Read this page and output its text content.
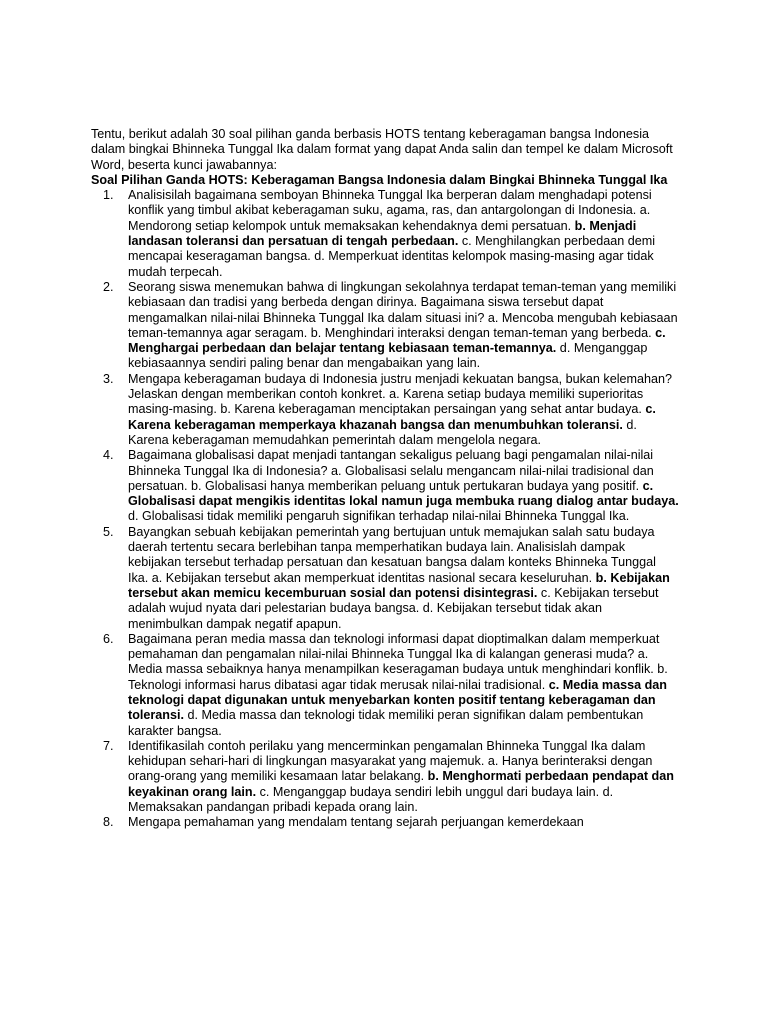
Tentu, berikut adalah 30 soal pilihan ganda berbasis HOTS tentang keberagaman bangsa Indonesia dalam bingkai Bhinneka Tunggal Ika dalam format yang dapat Anda salin dan tempel ke dalam Microsoft Word, beserta kunci jawabannya:

Soal Pilihan Ganda HOTS: Keberagaman Bangsa Indonesia dalam Bingkai Bhinneka Tunggal Ika

1.	Analisisilah bagaimana semboyan Bhinneka Tunggal Ika berperan dalam menghadapi potensi konflik yang timbul akibat keberagaman suku, agama, ras, dan antargolongan di Indonesia. a. Mendorong setiap kelompok untuk memaksakan kehendaknya demi persatuan. b. Menjadi landasan toleransi dan persatuan di tengah perbedaan. c. Menghilangkan perbedaan demi mencapai keseragaman bangsa. d. Memperkuat identitas kelompok masing-masing agar tidak mudah terpecah.
2.	Seorang siswa menemukan bahwa di lingkungan sekolahnya terdapat teman-teman yang memiliki kebiasaan dan tradisi yang berbeda dengan dirinya. Bagaimana siswa tersebut dapat mengamalkan nilai-nilai Bhinneka Tunggal Ika dalam situasi ini? a. Mencoba mengubah kebiasaan teman-temannya agar seragam. b. Menghindari interaksi dengan teman-teman yang berbeda. c. Menghargai perbedaan dan belajar tentang kebiasaan teman-temannya. d. Menganggap kebiasaannya sendiri paling benar dan mengabaikan yang lain.
3.	Mengapa keberagaman budaya di Indonesia justru menjadi kekuatan bangsa, bukan kelemahan? Jelaskan dengan memberikan contoh konkret. a. Karena setiap budaya memiliki superioritas masing-masing. b. Karena keberagaman menciptakan persaingan yang sehat antar budaya. c. Karena keberagaman memperkaya khazanah bangsa dan menumbuhkan toleransi. d. Karena keberagaman memudahkan pemerintah dalam mengelola negara.
4.	Bagaimana globalisasi dapat menjadi tantangan sekaligus peluang bagi pengamalan nilai-nilai Bhinneka Tunggal Ika di Indonesia? a. Globalisasi selalu mengancam nilai-nilai tradisional dan persatuan. b. Globalisasi hanya memberikan peluang untuk pertukaran budaya yang positif. c. Globalisasi dapat mengikis identitas lokal namun juga membuka ruang dialog antar budaya. d. Globalisasi tidak memiliki pengaruh signifikan terhadap nilai-nilai Bhinneka Tunggal Ika.
5.	Bayangkan sebuah kebijakan pemerintah yang bertujuan untuk memajukan salah satu budaya daerah tertentu secara berlebihan tanpa memperhatikan budaya lain. Analisislah dampak kebijakan tersebut terhadap persatuan dan kesatuan bangsa dalam konteks Bhinneka Tunggal Ika. a. Kebijakan tersebut akan memperkuat identitas nasional secara keseluruhan. b. Kebijakan tersebut akan memicu kecemburuan sosial dan potensi disintegrasi. c. Kebijakan tersebut adalah wujud nyata dari pelestarian budaya bangsa. d. Kebijakan tersebut tidak akan menimbulkan dampak negatif apapun.
6.	Bagaimana peran media massa dan teknologi informasi dapat dioptimalkan dalam memperkuat pemahaman dan pengamalan nilai-nilai Bhinneka Tunggal Ika di kalangan generasi muda? a. Media massa sebaiknya hanya menampilkan keseragaman budaya untuk menghindari konflik. b. Teknologi informasi harus dibatasi agar tidak merusak nilai-nilai tradisional. c. Media massa dan teknologi dapat digunakan untuk menyebarkan konten positif tentang keberagaman dan toleransi. d. Media massa dan teknologi tidak memiliki peran signifikan dalam pembentukan karakter bangsa.
7.	Identifikasilah contoh perilaku yang mencerminkan pengamalan Bhinneka Tunggal Ika dalam kehidupan sehari-hari di lingkungan masyarakat yang majemuk. a. Hanya berinteraksi dengan orang-orang yang memiliki kesamaan latar belakang. b. Menghormati perbedaan pendapat dan keyakinan orang lain. c. Menganggap budaya sendiri lebih unggul dari budaya lain. d. Memaksakan pandangan pribadi kepada orang lain.
8.	Mengapa pemahaman yang mendalam tentang sejarah perjuangan kemerdekaan
